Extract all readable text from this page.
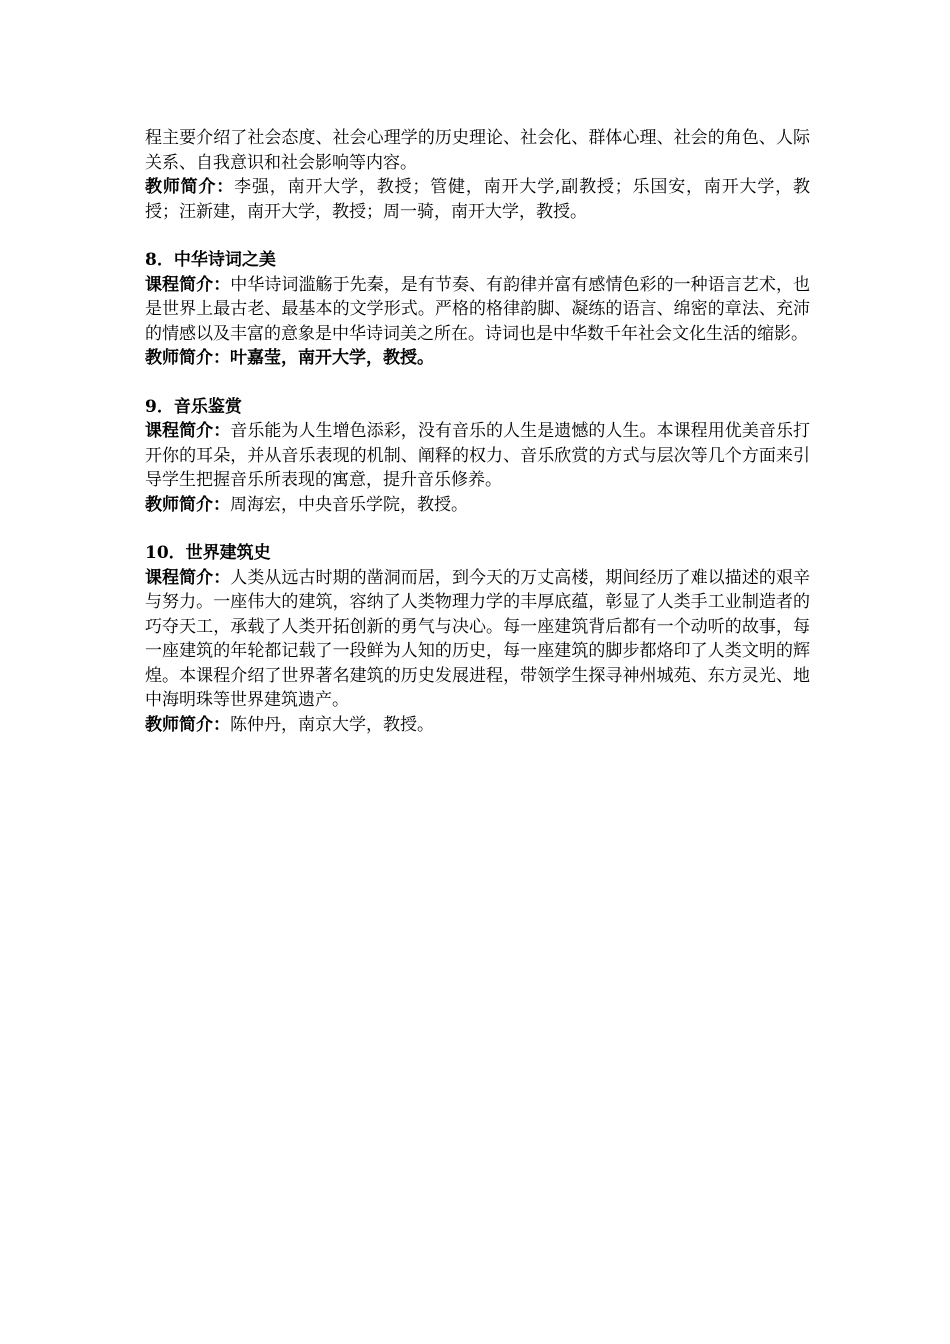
程主要介绍了社会态度、社会心理学的历史理论、社会化、群体心理、社会的角色、人际关系、自我意识和社会影响等内容。

教师简介：李强，南开大学，教授；管健，南开大学,副教授；乐国安，南开大学，教授；汪新建，南开大学，教授；周一骑，南开大学，教授。

8．中华诗词之美

课程简介：中华诗词滥觞于先秦，是有节奏、有韵律并富有感情色彩的一种语言艺术，也是世界上最古老、最基本的文学形式。严格的格律韵脚、凝练的语言、绵密的章法、充沛的情感以及丰富的意象是中华诗词美之所在。诗词也是中华数千年社会文化生活的缩影。

教师简介：叶嘉莹，南开大学，教授。

9．音乐鉴赏

课程简介：音乐能为人生增色添彩，没有音乐的人生是遗憾的人生。本课程用优美音乐打开你的耳朵，并从音乐表现的机制、阐释的权力、音乐欣赏的方式与层次等几个方面来引导学生把握音乐所表现的寓意，提升音乐修养。

教师简介：周海宏，中央音乐学院，教授。

10．世界建筑史

课程简介：人类从远古时期的凿洞而居，到今天的万丈高楼，期间经历了难以描述的艰辛与努力。一座伟大的建筑，容纳了人类物理力学的丰厚底蕴，彰显了人类手工业制造者的巧夺天工，承载了人类开拓创新的勇气与决心。每一座建筑背后都有一个动听的故事，每一座建筑的年轮都记载了一段鲜为人知的历史，每一座建筑的脚步都烙印了人类文明的辉煌。本课程介绍了世界著名建筑的历史发展进程，带领学生探寻神州城苑、东方灵光、地中海明珠等世界建筑遗产。

教师简介：陈仲丹，南京大学，教授。
